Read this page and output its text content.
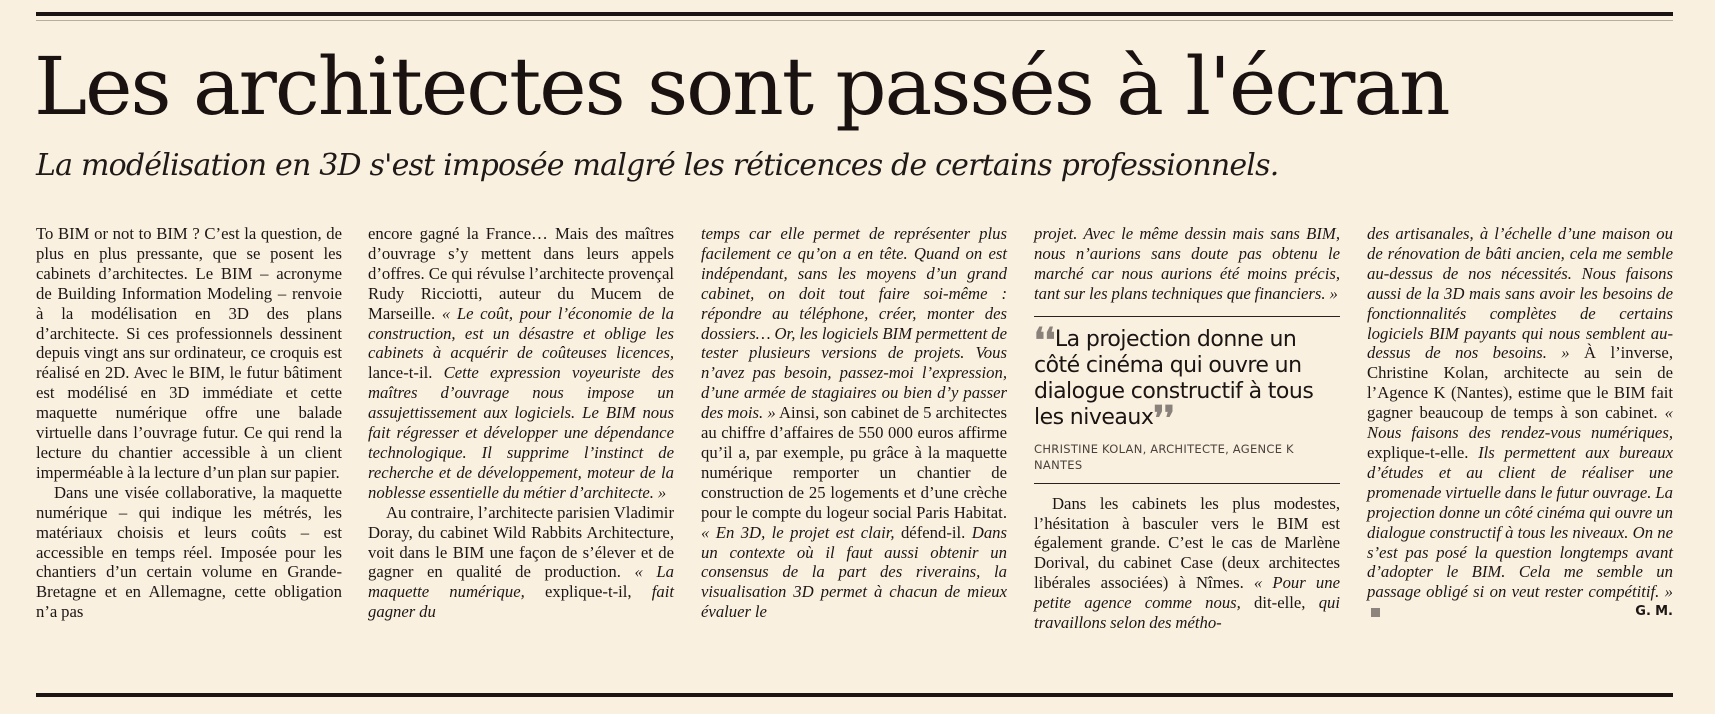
Les architectes sont passés à l'écran

La modélisation en 3D s'est imposée malgré les réticences de certains professionnels.

To BIM or not to BIM ? C’est la question, de plus en plus pressante, que se posent les cabinets d’architectes. Le BIM – acronyme de Building Information Modeling – renvoie à la modélisation en 3D des plans d’architecte. Si ces professionnels dessinent depuis vingt ans sur ordinateur, ce croquis est réalisé en 2D. Avec le BIM, le futur bâtiment est modélisé en 3D immédiate et cette maquette numérique offre une balade virtuelle dans l’ouvrage futur. Ce qui rend la lecture du chantier accessible à un client imperméable à la lecture d’un plan sur papier.

Dans une visée collaborative, la maquette numérique – qui indique les métrés, les matériaux choisis et leurs coûts – est accessible en temps réel. Imposée pour les chantiers d’un certain volume en Grande-Bretagne et en Allemagne, cette obligation n’a pas

encore gagné la France… Mais des maîtres d’ouvrage s’y mettent dans leurs appels d’offres. Ce qui révulse l’architecte provençal Rudy Ricciotti, auteur du Mucem de Marseille. « Le coût, pour l’économie de la construction, est un désastre et oblige les cabinets à acquérir de coûteuses licences, lance-t-il. Cette expression voyeuriste des maîtres d’ouvrage nous impose un assujettissement aux logiciels. Le BIM nous fait régresser et développer une dépendance technologique. Il supprime l’instinct de recherche et de développement, moteur de la noblesse essentielle du métier d’architecte. »

Au contraire, l’architecte parisien Vladimir Doray, du cabinet Wild Rabbits Architecture, voit dans le BIM une façon de s’élever et de gagner en qualité de production. « La maquette numérique, explique-t-il, fait gagner du

temps car elle permet de représenter plus facilement ce qu’on a en tête. Quand on est indépendant, sans les moyens d’un grand cabinet, on doit tout faire soi-même : répondre au téléphone, créer, monter des dossiers… Or, les logiciels BIM permettent de tester plusieurs versions de projets. Vous n’avez pas besoin, passez-moi l’expression, d’une armée de stagiaires ou bien d’y passer des mois. » Ainsi, son cabinet de 5 architectes au chiffre d’affaires de 550 000 euros affirme qu’il a, par exemple, pu grâce à la maquette numérique remporter un chantier de construction de 25 logements et d’une crèche pour le compte du logeur social Paris Habitat. « En 3D, le projet est clair, défend-il. Dans un contexte où il faut aussi obtenir un consensus de la part des riverains, la visualisation 3D permet à chacun de mieux évaluer le

projet. Avec le même dessin mais sans BIM, nous n’aurions sans doute pas obtenu le marché car nous aurions été moins précis, tant sur les plans techniques que financiers. »

❛❛La projection donne un côté cinéma qui ouvre un dialogue constructif à tous les niveaux❜❜
CHRISTINE KOLAN, ARCHITECTE, AGENCE K NANTES

Dans les cabinets les plus modestes, l’hésitation à basculer vers le BIM est également grande. C’est le cas de Marlène Dorival, du cabinet Case (deux architectes libérales associées) à Nîmes. « Pour une petite agence comme nous, dit-elle, qui travaillons selon des métho-

des artisanales, à l’échelle d’une maison ou de rénovation de bâti ancien, cela me semble au-dessus de nos nécessités. Nous faisons aussi de la 3D mais sans avoir les besoins de fonctionnalités complètes de certains logiciels BIM payants qui nous semblent au-dessus de nos besoins. » À l’inverse, Christine Kolan, architecte au sein de l’Agence K (Nantes), estime que le BIM fait gagner beaucoup de temps à son cabinet. « Nous faisons des rendez-vous numériques, explique-t-elle. Ils permettent aux bureaux d’études et au client de réaliser une promenade virtuelle dans le futur ouvrage. La projection donne un côté cinéma qui ouvre un dialogue constructif à tous les niveaux. On ne s’est pas posé la question longtemps avant d’adopter le BIM. Cela me semble un passage obligé si on veut rester compétitif. »
G. M.
